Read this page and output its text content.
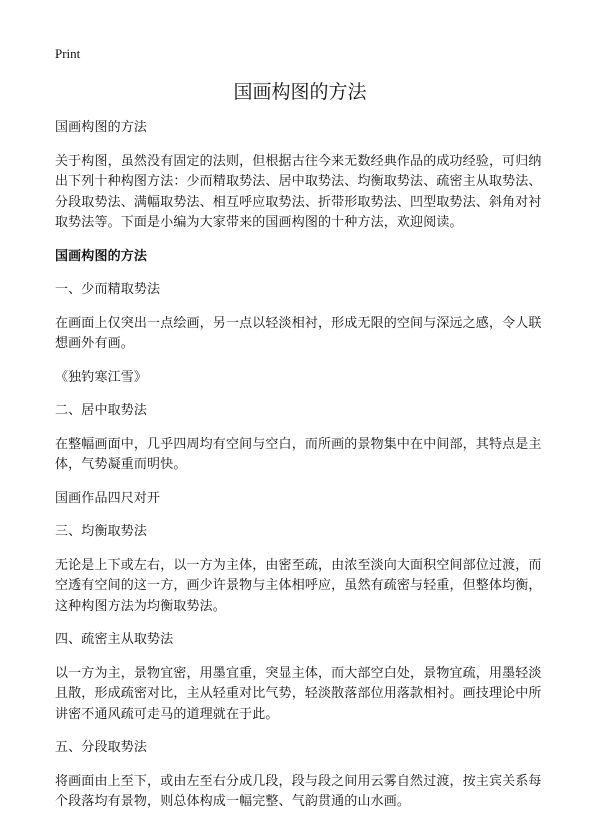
Print
国画构图的方法

国画构图的方法

关于构图，虽然没有固定的法则，但根据古往今来无数经典作品的成功经验，可归纳出下列十种构图方法：少而精取势法、居中取势法、均衡取势法、疏密主从取势法、分段取势法、满幅取势法、相互呼应取势法、折带形取势法、凹型取势法、斜角对衬取势法等。下面是小编为大家带来的国画构图的十种方法，欢迎阅读。

国画构图的方法

一、少而精取势法

在画面上仅突出一点绘画，另一点以轻淡相衬，形成无限的空间与深远之感，令人联想画外有画。

《独钓寒江雪》

二、居中取势法

在整幅画面中，几乎四周均有空间与空白，而所画的景物集中在中间部，其特点是主体，气势凝重而明快。

国画作品四尺对开

三、均衡取势法

无论是上下或左右，以一方为主体，由密至疏，由浓至淡向大面积空间部位过渡，而空透有空间的这一方，画少许景物与主体相呼应，虽然有疏密与轻重，但整体均衡，这种构图方法为均衡取势法。

四、疏密主从取势法

以一方为主，景物宜密，用墨宜重，突显主体，而大部空白处，景物宜疏，用墨轻淡且散，形成疏密对比，主从轻重对比气势，轻淡散落部位用落款相衬。画技理论中所讲密不通风疏可走马的道理就在于此。

五、分段取势法

将画面由上至下，或由左至右分成几段，段与段之间用云雾自然过渡，按主宾关系每个段落均有景物，则总体构成一幅完整、气韵贯通的山水画。
